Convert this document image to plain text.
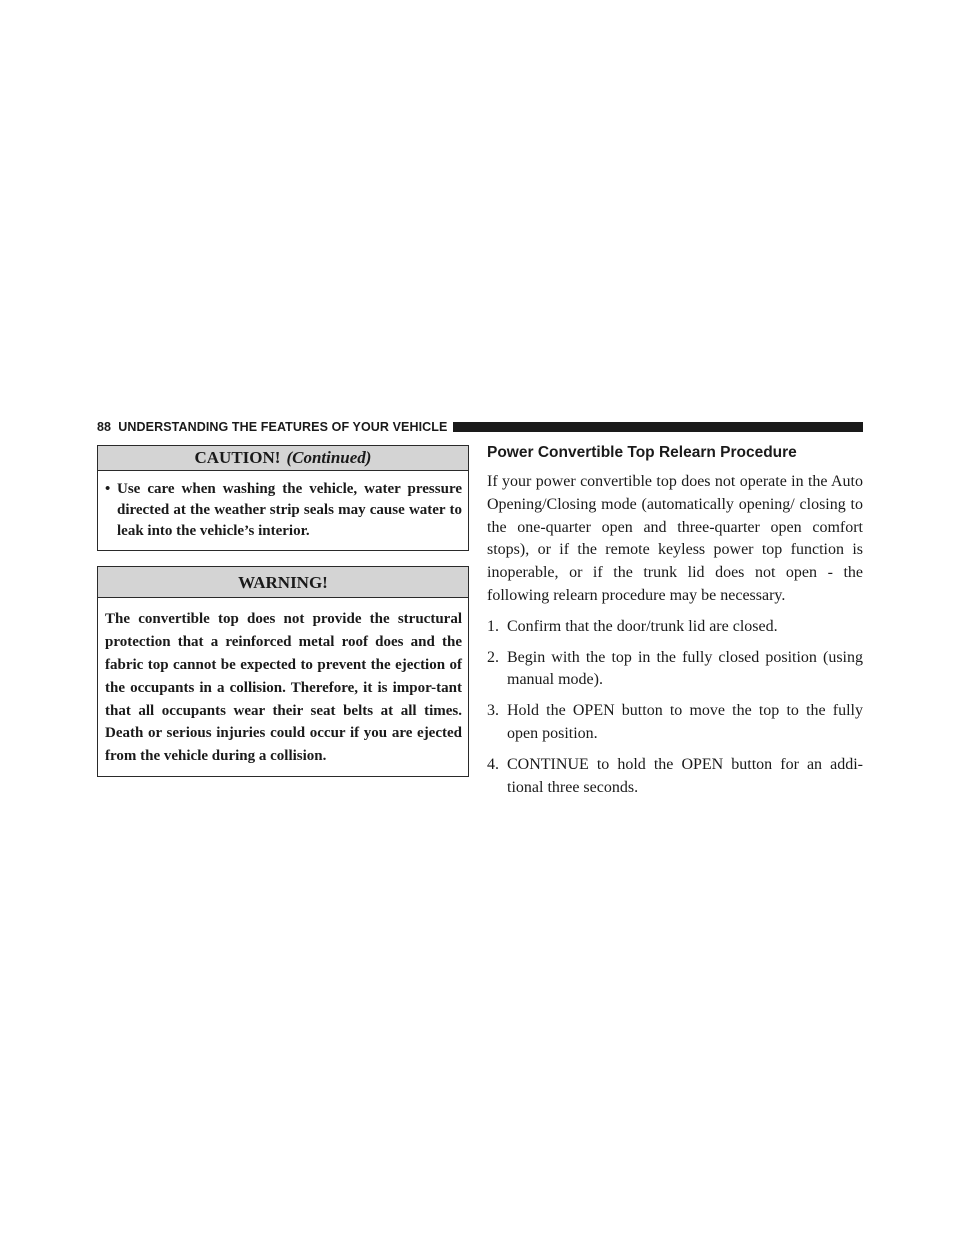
88 UNDERSTANDING THE FEATURES OF YOUR VEHICLE
CAUTION! (Continued)
• Use care when washing the vehicle, water pressure directed at the weather strip seals may cause water to leak into the vehicle’s interior.
WARNING!
The convertible top does not provide the structural protection that a reinforced metal roof does and the fabric top cannot be expected to prevent the ejection of the occupants in a collision. Therefore, it is impor-tant that all occupants wear their seat belts at all times. Death or serious injuries could occur if you are ejected from the vehicle during a collision.
Power Convertible Top Relearn Procedure

If your power convertible top does not operate in the Auto Opening/Closing mode (automatically opening/ closing to the one-quarter open and three-quarter open comfort stops), or if the remote keyless power top function is inoperable, or if the trunk lid does not open - the following relearn procedure may be necessary.

1. Confirm that the door/trunk lid are closed.
2. Begin with the top in the fully closed position (using manual mode).
3. Hold the OPEN button to move the top to the fully open position.
4. CONTINUE to hold the OPEN button for an addi-tional three seconds.
